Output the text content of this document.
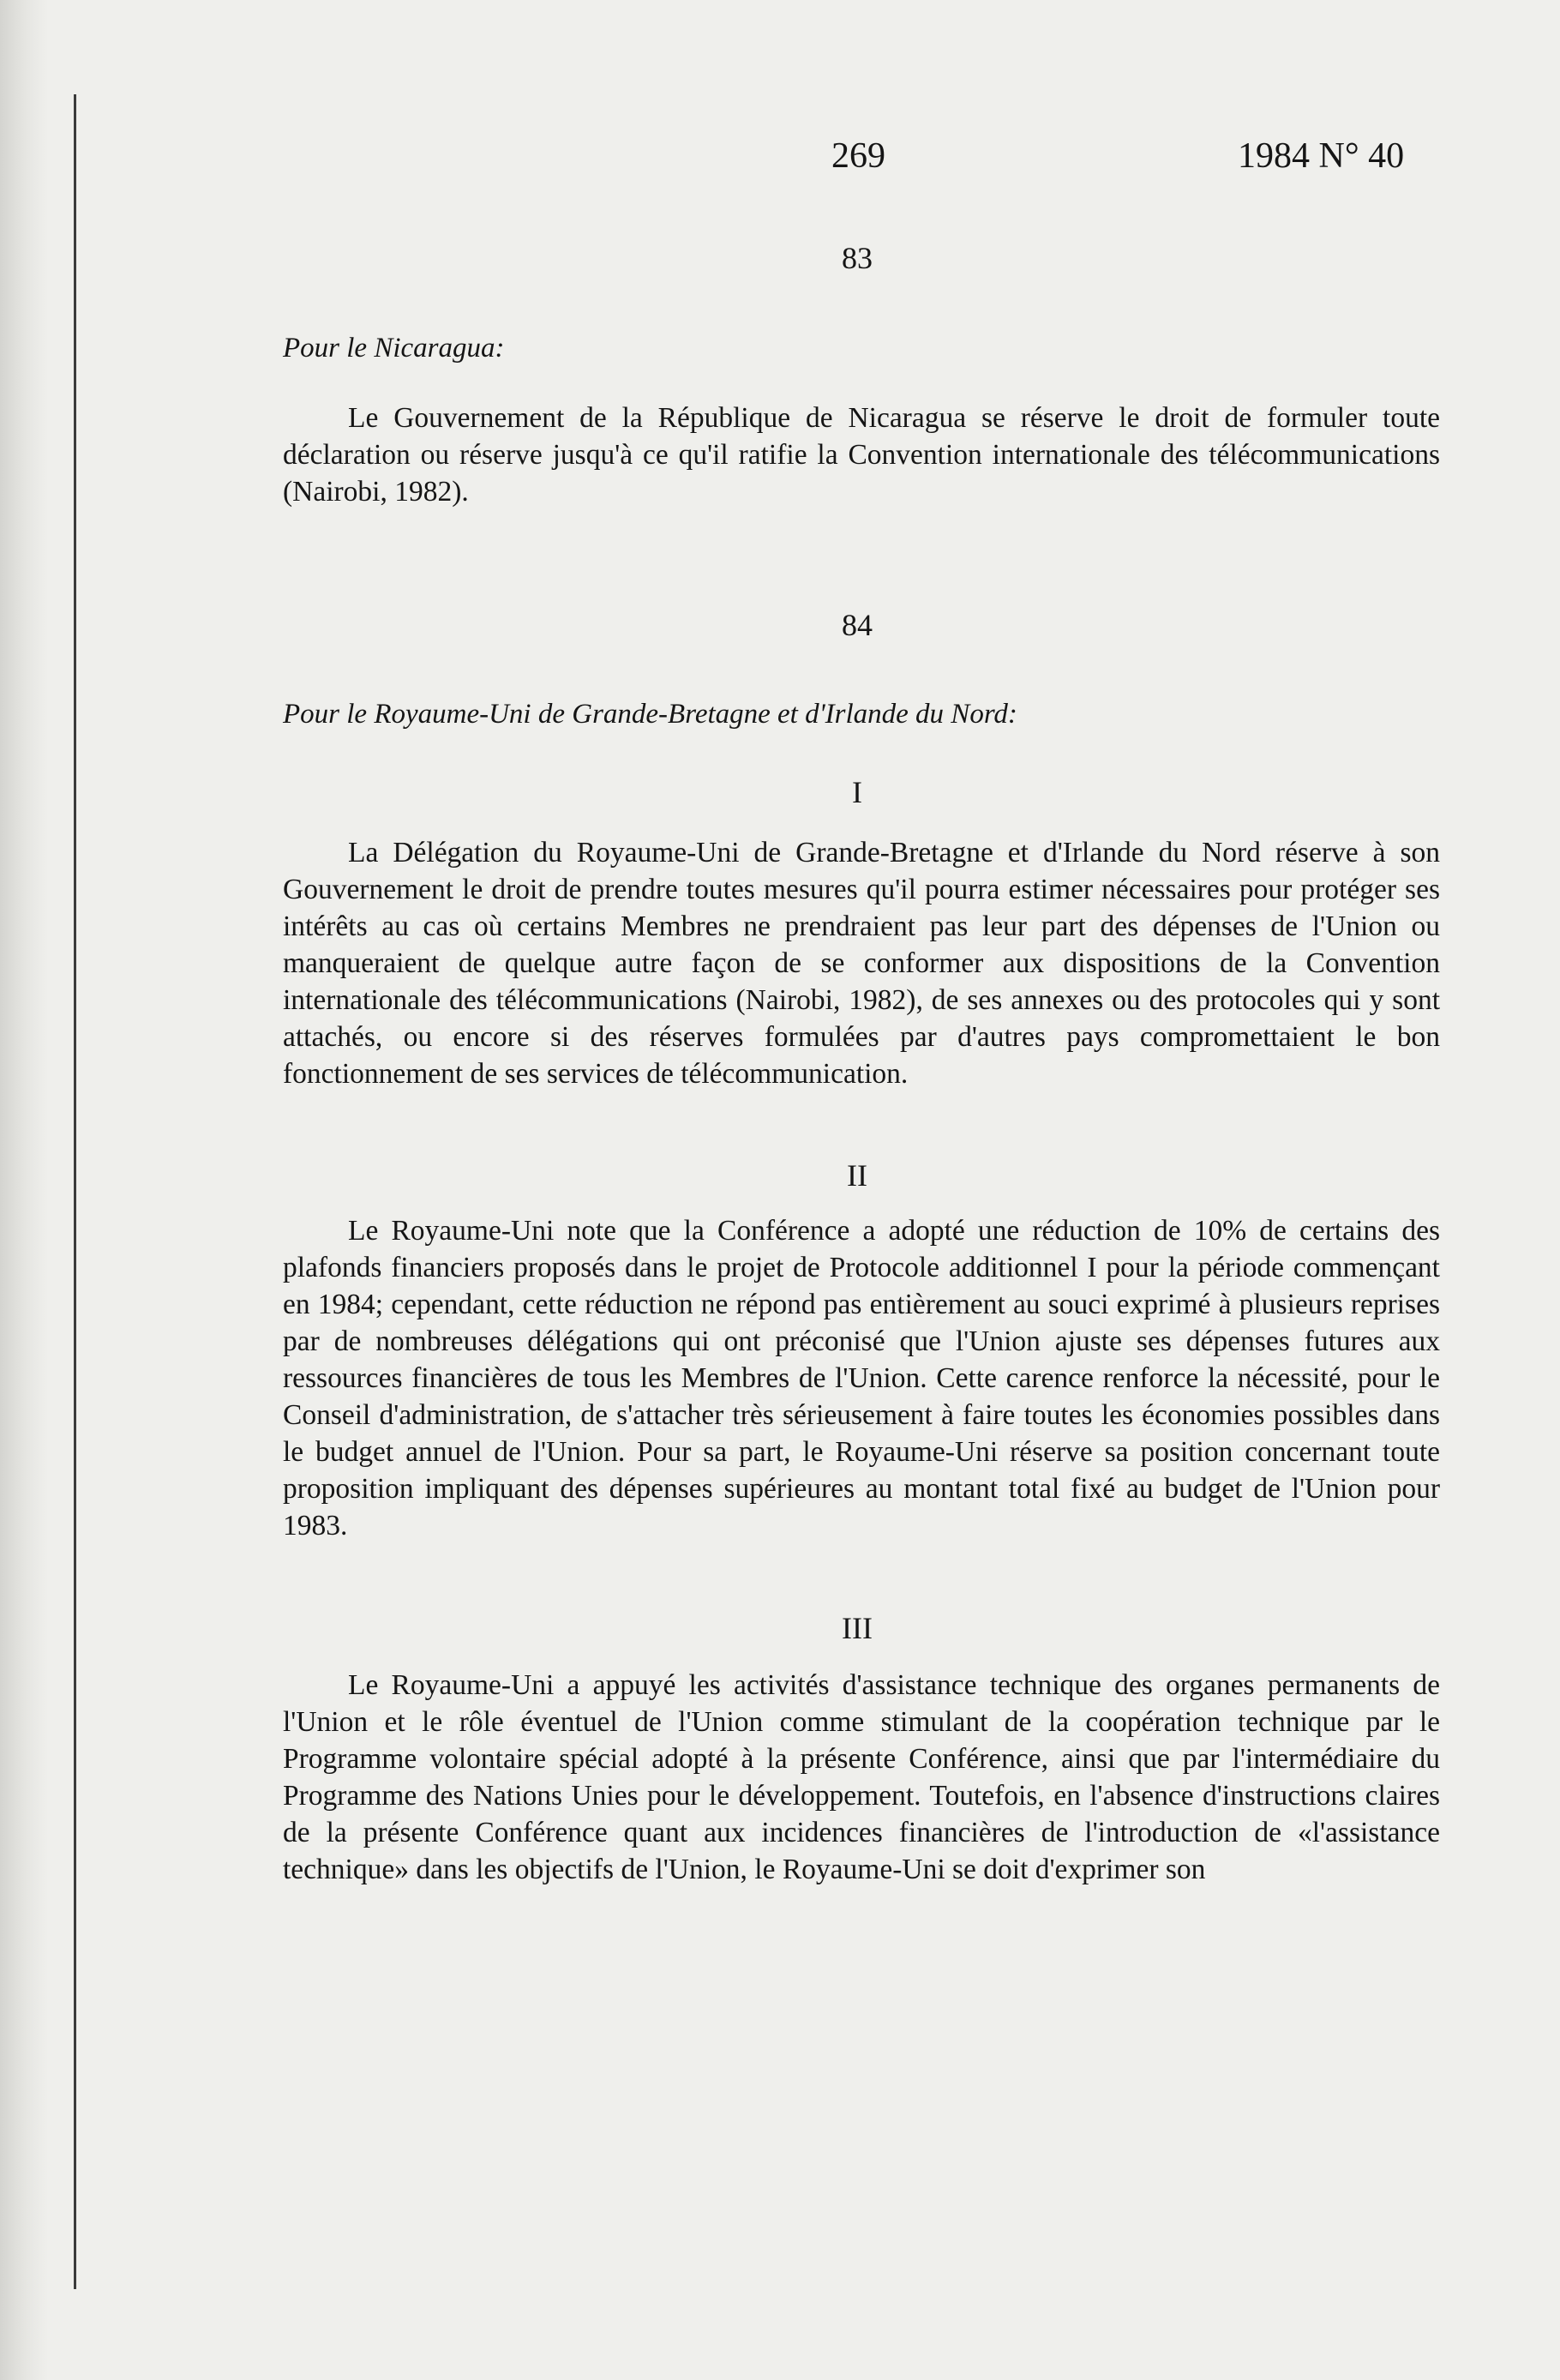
269	1984 N° 40
83
Pour le Nicaragua:

Le Gouvernement de la République de Nicaragua se réserve le droit de formuler toute déclaration ou réserve jusqu'à ce qu'il ratifie la Convention internationale des télécommunications (Nairobi, 1982).

84
Pour le Royaume-Uni de Grande-Bretagne et d'Irlande du Nord:
I

La Délégation du Royaume-Uni de Grande-Bretagne et d'Irlande du Nord réserve à son Gouvernement le droit de prendre toutes mesures qu'il pourra estimer nécessaires pour protéger ses intérêts au cas où certains Membres ne prendraient pas leur part des dépenses de l'Union ou manqueraient de quelque autre façon de se conformer aux dispositions de la Convention internationale des télécommunications (Nairobi, 1982), de ses annexes ou des protocoles qui y sont attachés, ou encore si des réserves formulées par d'autres pays compromettaient le bon fonctionnement de ses services de télécommunication.

II

Le Royaume-Uni note que la Conférence a adopté une réduction de 10% de certains des plafonds financiers proposés dans le projet de Protocole additionnel I pour la période commençant en 1984; cependant, cette réduction ne répond pas entièrement au souci exprimé à plusieurs reprises par de nombreuses délégations qui ont préconisé que l'Union ajuste ses dépenses futures aux ressources financières de tous les Membres de l'Union. Cette carence renforce la nécessité, pour le Conseil d'administration, de s'attacher très sérieusement à faire toutes les économies possibles dans le budget annuel de l'Union. Pour sa part, le Royaume-Uni réserve sa position concernant toute proposition impliquant des dépenses supérieures au montant total fixé au budget de l'Union pour 1983.

III

Le Royaume-Uni a appuyé les activités d'assistance technique des organes permanents de l'Union et le rôle éventuel de l'Union comme stimulant de la coopération technique par le Programme volontaire spécial adopté à la présente Conférence, ainsi que par l'intermédiaire du Programme des Nations Unies pour le développement. Toutefois, en l'absence d'instructions claires de la présente Conférence quant aux incidences financières de l'introduction de «l'assistance technique» dans les objectifs de l'Union, le Royaume-Uni se doit d'exprimer son
